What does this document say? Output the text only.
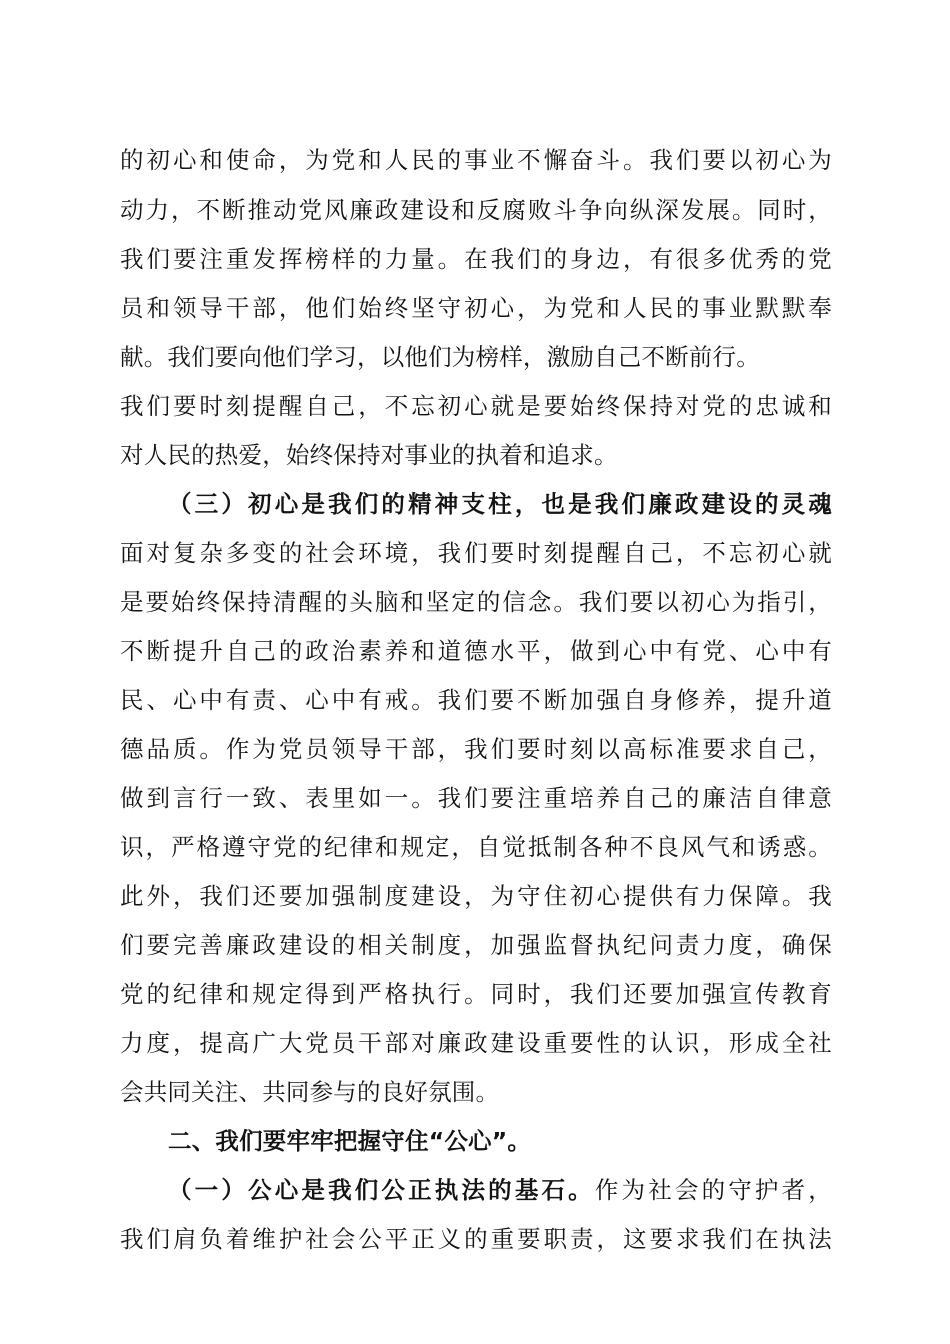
的初心和使命，为党和人民的事业不懈奋斗。我们要以初心为
动力，不断推动党风廉政建设和反腐败斗争向纵深发展。同时，
我们要注重发挥榜样的力量。在我们的身边，有很多优秀的党
员和领导干部，他们始终坚守初心，为党和人民的事业默默奉
献。我们要向他们学习，以他们为榜样，激励自己不断前行。
我们要时刻提醒自己，不忘初心就是要始终保持对党的忠诚和
对人民的热爱，始终保持对事业的执着和追求。
（三）初心是我们的精神支柱，也是我们廉政建设的灵魂
面对复杂多变的社会环境，我们要时刻提醒自己，不忘初心就
是要始终保持清醒的头脑和坚定的信念。我们要以初心为指引，
不断提升自己的政治素养和道德水平，做到心中有党、心中有
民、心中有责、心中有戒。我们要不断加强自身修养，提升道
德品质。作为党员领导干部，我们要时刻以高标准要求自己，
做到言行一致、表里如一。我们要注重培养自己的廉洁自律意
识，严格遵守党的纪律和规定，自觉抵制各种不良风气和诱惑。
此外，我们还要加强制度建设，为守住初心提供有力保障。我
们要完善廉政建设的相关制度，加强监督执纪问责力度，确保
党的纪律和规定得到严格执行。同时，我们还要加强宣传教育
力度，提高广大党员干部对廉政建设重要性的认识，形成全社
会共同关注、共同参与的良好氛围。
二、我们要牢牢把握守住“公心”。
（一）公心是我们公正执法的基石。作为社会的守护者，
我们肩负着维护社会公平正义的重要职责，这要求我们在执法
